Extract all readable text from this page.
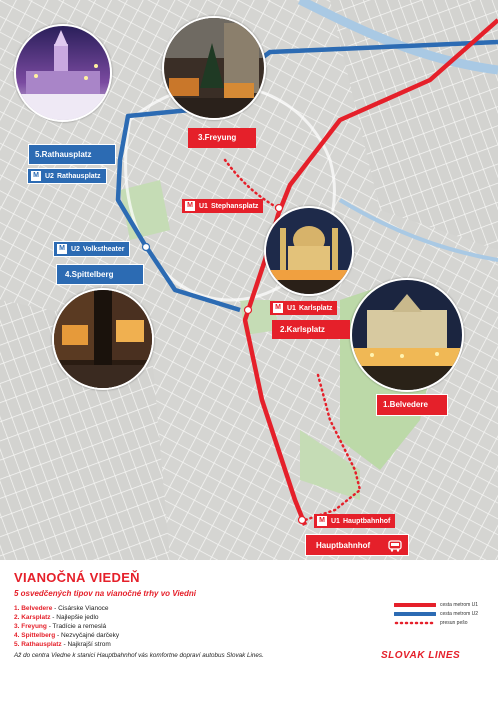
5.Rathausplatz
3.Freyung
4.Spittelberg
2.Karlsplatz
1.Belvedere
Hauptbahnhof
M U2 Rathausplatz
M U1 Stephansplatz
M U2 Volkstheater
M U1 Karlsplatz
M U1 Hauptbahnhof
VIANOČNÁ VIEDEŇ
5 osvedčených tipov na vianočné trhy vo Viedni
1. Belvedere - Cisárske Vianoce
2. Karsplatz - Najlepšie jedlo
3. Freyung - Tradície a remeslá
4. Spittelberg - Nezvyčajné darčeky
5. Rathausplatz - Najkrajší strom
Až do centra Viedne k stanici Hauptbahnhof vás komfortne dopraví autobus Slovak Lines.
cesta metrom U1
cesta metrom U2
presun pešo
SLOVAK LINES
